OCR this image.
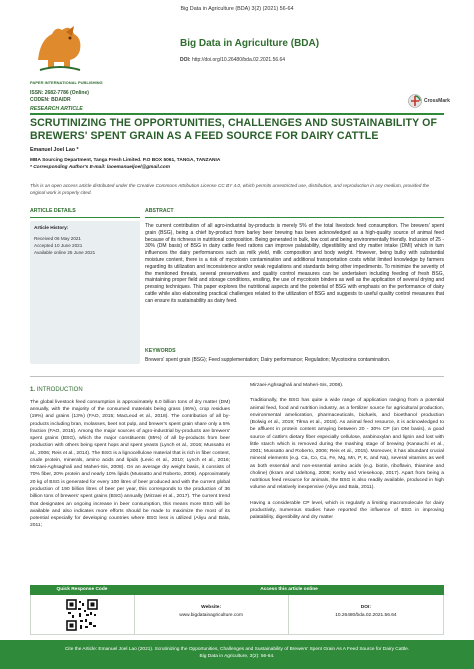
Big Data in Agriculture (BDA) 3(2) (2021) 56-64
PAPER INTERNATIONAL PUBLISHING
ISSN: 2682-7786 (Online)
CODEN: BDAIDR
Big Data in Agriculture (BDA)
DOI: http://doi.org/10.26480/bda.02.2021.56.64
CrossMark
RESEARCH ARTICLE
SCRUTINIZING THE OPPORTUNITIES, CHALLENGES AND SUSTAINABILITY OF BREWERS' SPENT GRAIN AS A FEED SOURCE FOR DAIRY CATTLE
Emanuel Joel Lao *
MBA Sourcing Department, Tanga Fresh Limited. P.O BOX 5061, TANGA, TANZANIA
* Corresponding Author's E-mail: laoemanueljoel@gmail.com
This is an open access article distributed under the Creative Commons Attribution License CC BY 4.0, which permits unrestricted use, distribution, and reproduction in any medium, provided the original work is properly cited.
ARTICLE DETAILS	ABSTRACT
Article History:
Received 06 May 2021
Accepted 10 June 2021
Available online 25 June 2021
The current contribution of all agro-industrial by-products is merely 5% of the total livestock feed consumption. The brewers' spent grain (BSG), being a chief by-product from barley beer brewing has been acknowledged as a high-quality source of animal feed because of its richness in nutritional composition. Being generated in bulk, low cost and being environmentally friendly. Inclusion of 25 - 30% (DM basis) of BSG in dairy cattle feed rations can improve palatability, digestibility and dry matter intake (DMI) which in turn influences the dairy performances such as milk yield, milk composition and body weight. However, being bulky with substantial moisture content, there is a risk of mycotoxin contamination and additional transportation costs whilst limited knowledge by farmers regarding its utilization and inconsistence and/or weak regulations and standards being other impediments. To minimize the severity of the mentioned threats, several preservatives and quality control measures can be undertaken including feeding of fresh BSG, maintaining proper field and storage conditions, ensiling, the use of mycotoxin binders as well as the application of several drying and pressing techniques. This paper explores the nutritional aspects and the potential of BSG with emphasis on the performance of dairy cattle while also elaborating practical challenges related to the utilization of BSG and suggests to useful quality control measures that can ensure its sustainability as dairy feed.
KEYWORDS
Brewers' spent grain (BSG); Feed supplementation; Dairy performance; Regulation; Mycotoxins contamination.
1. INTRODUCTION
The global livestock feed consumption is approximately 6.0 billion tons of dry matter (DM) annually, with the majority of the consumed materials being grass (46%), crop residues (19%) and grains (13%) (FAO, 2015; MacLeod et al., 2018). The contribution of all by-products including bran, molasses, beet not pulp, and brewer's spent grain share only a 5% fraction (FAO, 2015). Among the major sources of agro-industrial by-products are brewers' spent grains (BSG), which the major constituents (85%) of all by-products from beer production with others being spent hops and spent yeasts (Lynch et al., 2016; Mussatto et al., 2006; Reis et al., 2014). The BSG is a lignocellulose material that is rich in fiber content, crude protein, minerals, amino acids and lipids (Levic et al., 2010; Lynch et al., 2016; Mirzaei-Aghsaghali and Maheri-Sis, 2008). On an average dry weight basis, it consists of 70% fiber, 20% protein and nearly 10% lipids (Mussatto and Roberto, 2006). Approximately 20 kg of BSG is generated for every 100 litres of beer produced and with the current global production of 190 billion litres of beer per year, this corresponds to the production of 36 billion tons of brewers' spent grains (BSG) annually (Mirzaei et al., 2017). The current trend that designates an ongoing increase in beer consumption, this means more BSG will be available and also indicates more efforts should be made to maximize the most of its potential especially for developing countries where BSG less is utilized (Aliyu and Bala, 2011;
Mirzaei-Aghsaghali and Maheri-Sis, 2008).
Traditionally, the BSG has quite a wide range of application ranging from a potential animal feed, food and nutrition industry, as a fertilizer source for agricultural production, environmental amelioration, pharmaceuticals, biofuels, and bioethanol production (Bolwig et al., 2019; Tiłma et al., 2018). As animal feed resource, it is acknowledged to be affluent in protein content arraying between 20 - 30% CP (on DM basis), a good source of cattle's dietary fiber especially cellulose, arabinoxylan and lignin and lost with little starch which is removed during the mashing stage of brewing (Kanauchi et al., 2001; Mussatto and Roberto, 2006; Reis et al., 2015). Moreover, it has abundant crucial mineral elements (e.g. Ca, Co, Cu, Fe, Mg, Mn, P, K, and Na), several vitamins as well as both essential and non-essential amino acids (e.g. biotin, riboflavin, thiamine and choline) (Ikram and Udeltong, 2008; Kerby and Vriesekoop, 2017). Apart from being a nutritious feed resource for animals, the BSG is also readily available, produced in high volume and relatively inexpensive (Aliyu and Bala, 2011).
Having a considerable CP level, which is regularly a limiting macromolecule for dairy productivity, numerous studies have reported the influence of BSG in improving palatability, digestibility and dry matter
Quick Response Code	Access this article online
Website:
www.bigdatainagriculture.com
DOI:
10.26480/bda.02.2021.56.64
Cite the Article: Emanuel Joel Lao (2021). Scrutinizing the Opportunities, Challenges and Sustainability of Brewers' Spent Grain As A Feed Source for Dairy Cattle.
Big Data in Agriculture, 3(2): 56-64.
